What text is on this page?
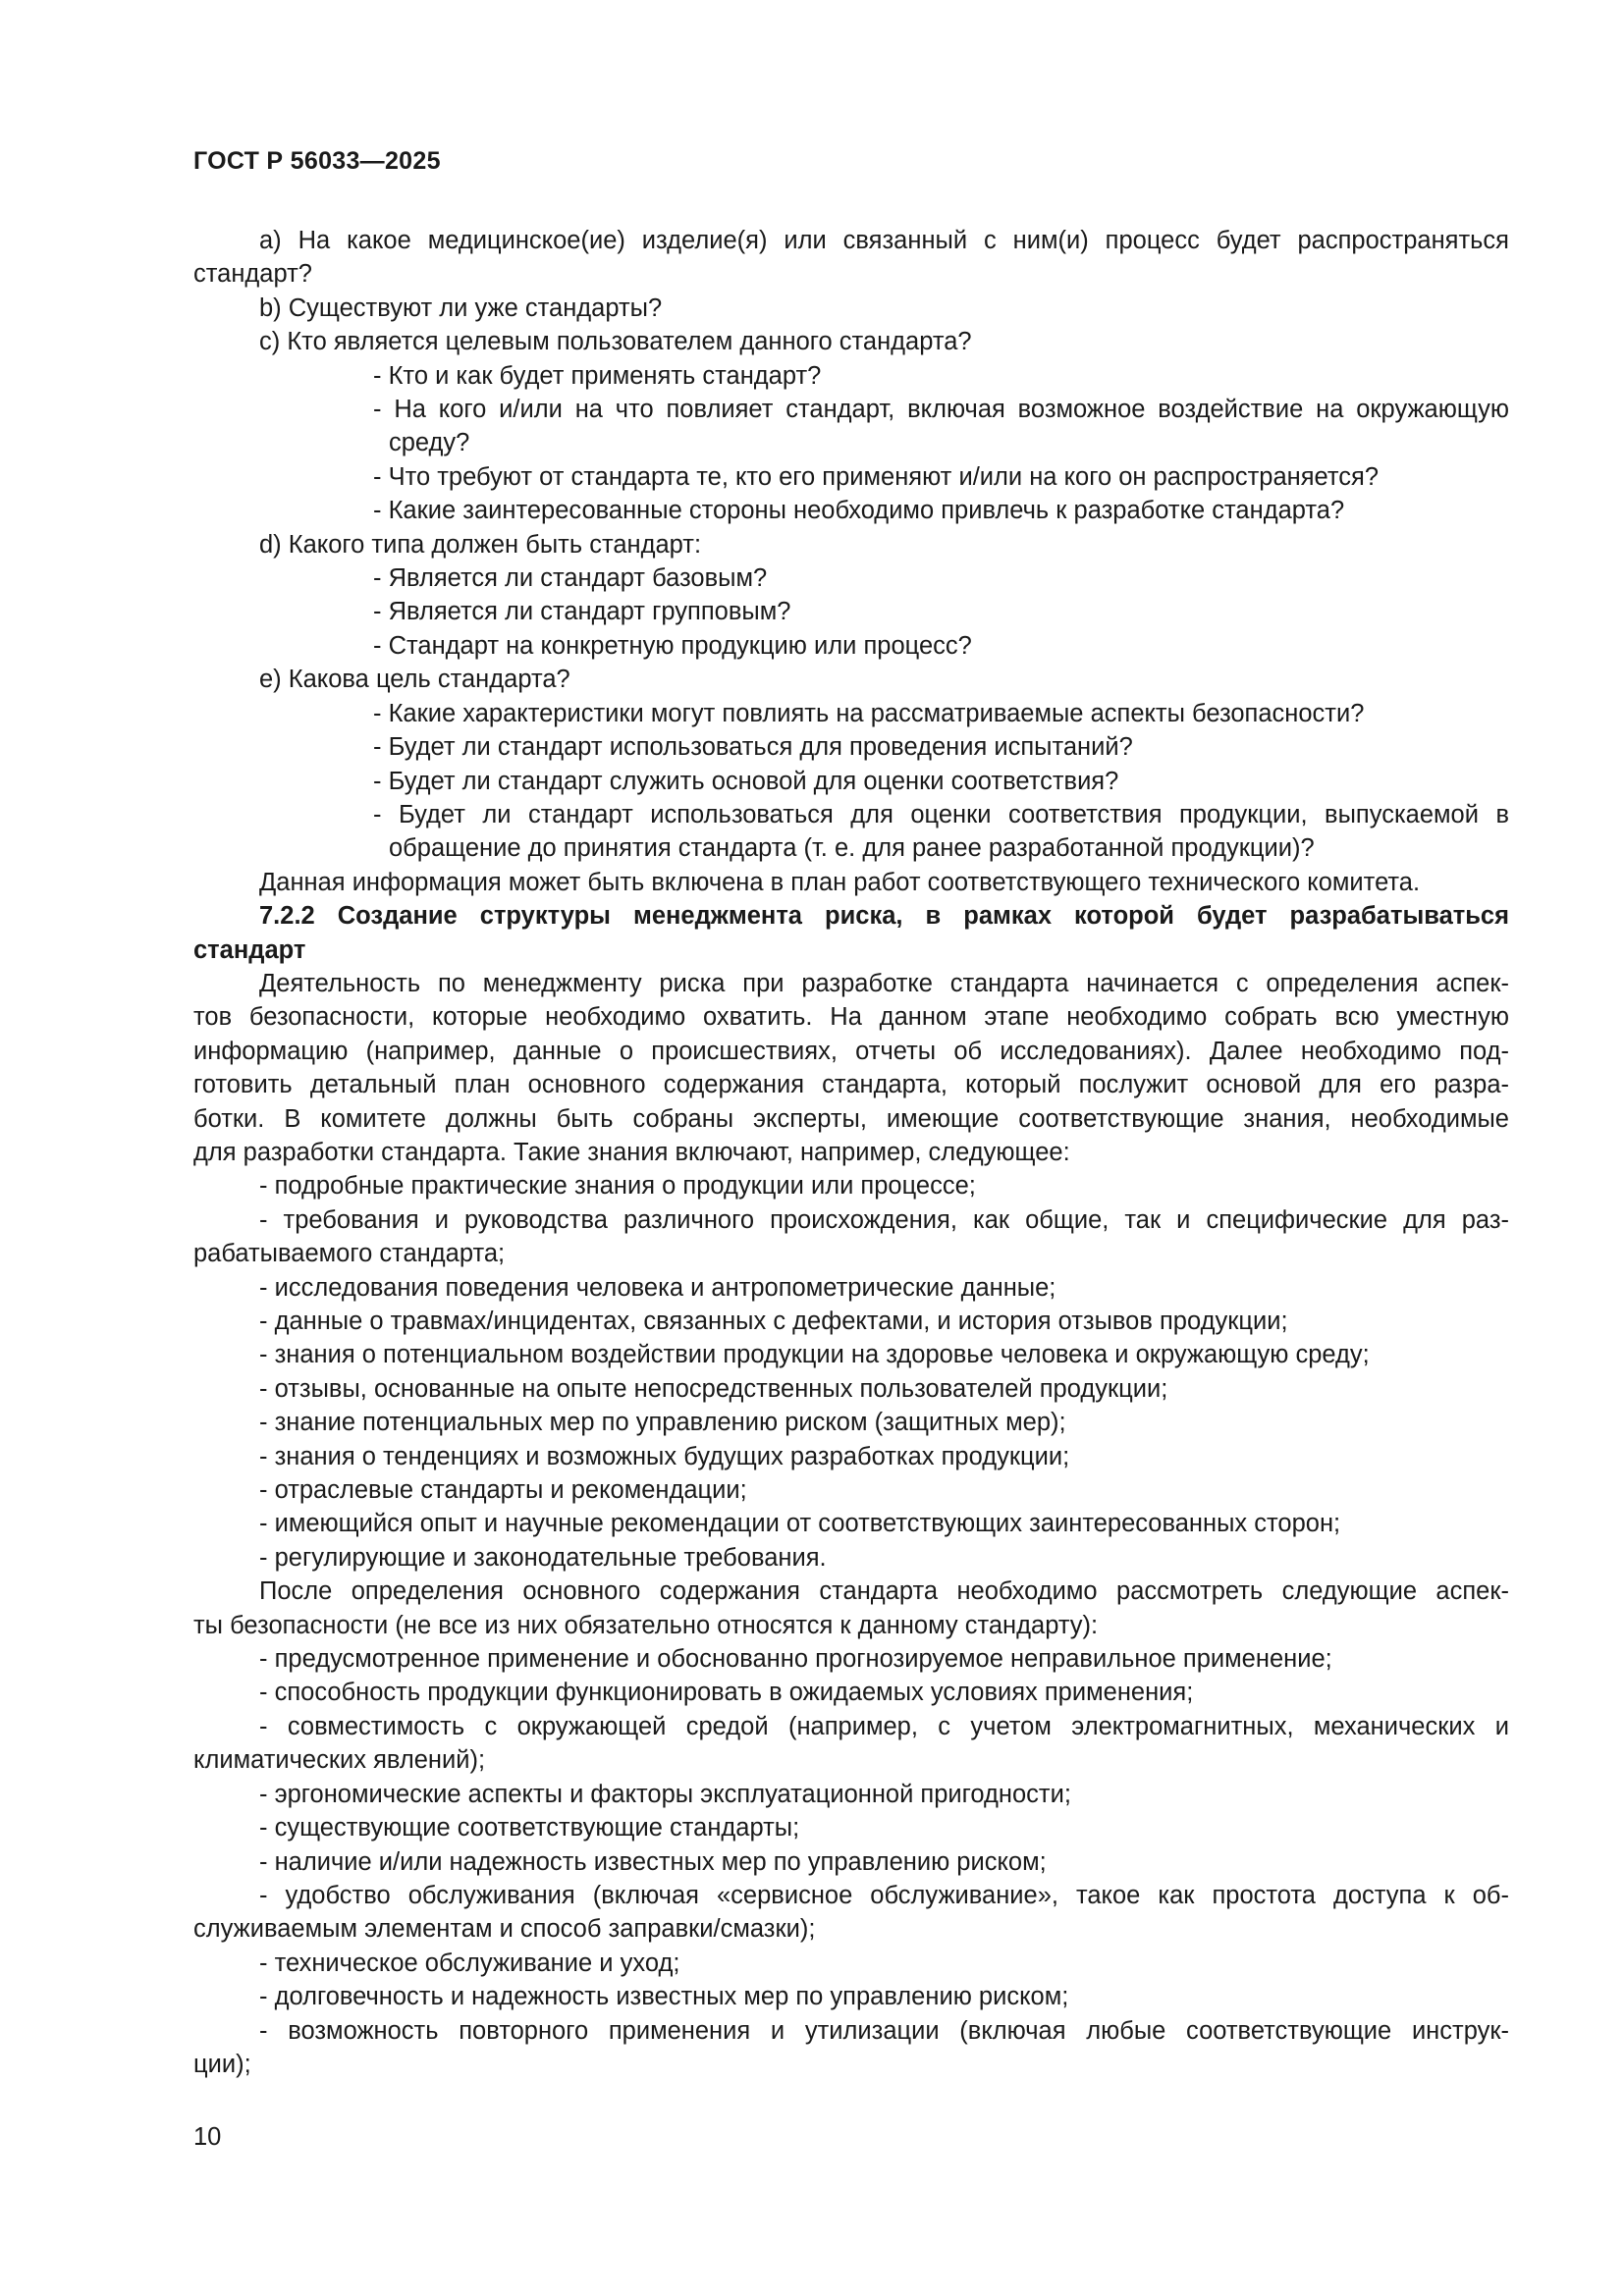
ГОСТ Р 56033—2025
a) На какое медицинское(ие) изделие(я) или связанный с ним(и) процесс будет распространяться
стандарт?
b) Существуют ли уже стандарты?
c) Кто является целевым пользователем данного стандарта?
- Кто и как будет применять стандарт?
- На кого и/или на что повлияет стандарт, включая возможное воздействие на окружающую
среду?
- Что требуют от стандарта те, кто его применяют и/или на кого он распространяется?
- Какие заинтересованные стороны необходимо привлечь к разработке стандарта?
d) Какого типа должен быть стандарт:
- Является ли стандарт базовым?
- Является ли стандарт групповым?
- Стандарт на конкретную продукцию или процесс?
e) Какова цель стандарта?
- Какие характеристики могут повлиять на рассматриваемые аспекты безопасности?
- Будет ли стандарт использоваться для проведения испытаний?
- Будет ли стандарт служить основой для оценки соответствия?
- Будет ли стандарт использоваться для оценки соответствия продукции, выпускаемой в
обращение до принятия стандарта (т. е. для ранее разработанной продукции)?
Данная информация может быть включена в план работ соответствующего технического комитета.
7.2.2 Создание структуры менеджмента риска, в рамках которой будет разрабатываться
стандарт
Деятельность по менеджменту риска при разработке стандарта начинается с определения аспек-
тов безопасности, которые необходимо охватить. На данном этапе необходимо собрать всю уместную
информацию (например, данные о происшествиях, отчеты об исследованиях). Далее необходимо под-
готовить детальный план основного содержания стандарта, который послужит основой для его разра-
ботки. В комитете должны быть собраны эксперты, имеющие соответствующие знания, необходимые
для разработки стандарта. Такие знания включают, например, следующее:
- подробные практические знания о продукции или процессе;
- требования и руководства различного происхождения, как общие, так и специфические для раз-
рабатываемого стандарта;
- исследования поведения человека и антропометрические данные;
- данные о травмах/инцидентах, связанных с дефектами, и история отзывов продукции;
- знания о потенциальном воздействии продукции на здоровье человека и окружающую среду;
- отзывы, основанные на опыте непосредственных пользователей продукции;
- знание потенциальных мер по управлению риском (защитных мер);
- знания о тенденциях и возможных будущих разработках продукции;
- отраслевые стандарты и рекомендации;
- имеющийся опыт и научные рекомендации от соответствующих заинтересованных сторон;
- регулирующие и законодательные требования.
После определения основного содержания стандарта необходимо рассмотреть следующие аспек-
ты безопасности (не все из них обязательно относятся к данному стандарту):
- предусмотренное применение и обоснованно прогнозируемое неправильное применение;
- способность продукции функционировать в ожидаемых условиях применения;
- совместимость с окружающей средой (например, с учетом электромагнитных, механических и
климатических явлений);
- эргономические аспекты и факторы эксплуатационной пригодности;
- существующие соответствующие стандарты;
- наличие и/или надежность известных мер по управлению риском;
- удобство обслуживания (включая «сервисное обслуживание», такое как простота доступа к об-
служиваемым элементам и способ заправки/смазки);
- техническое обслуживание и уход;
- долговечность и надежность известных мер по управлению риском;
- возможность повторного применения и утилизации (включая любые соответствующие инструк-
ции);
10
